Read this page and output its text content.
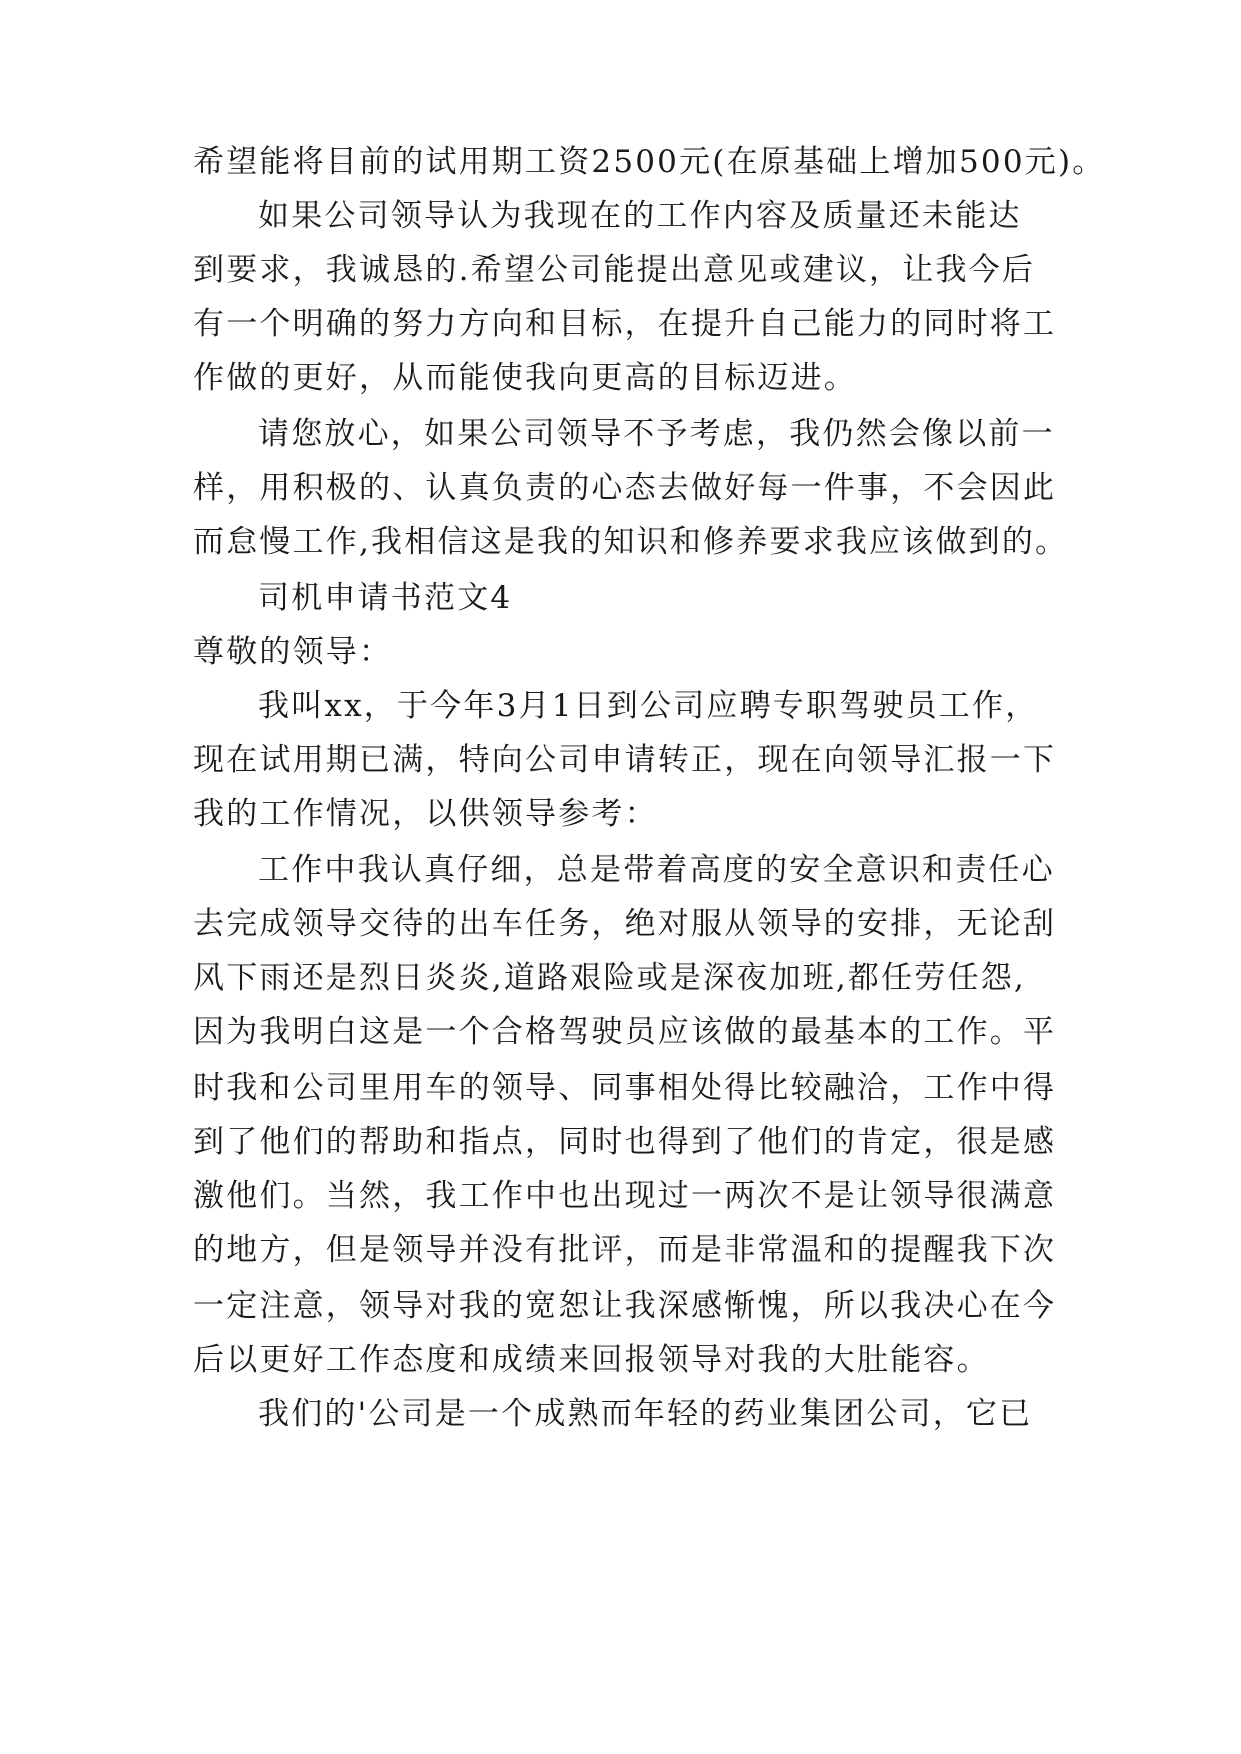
希望能将目前的试用期工资2500元(在原基础上增加500元)。
如果公司领导认为我现在的工作内容及质量还未能达
到要求，我诚恳的.希望公司能提出意见或建议，让我今后
有一个明确的努力方向和目标，在提升自己能力的同时将工
作做的更好，从而能使我向更高的目标迈进。
请您放心，如果公司领导不予考虑，我仍然会像以前一
样，用积极的、认真负责的心态去做好每一件事，不会因此
而怠慢工作,我相信这是我的知识和修养要求我应该做到的。
司机申请书范文4
尊敬的领导：
我叫xx，于今年3月1日到公司应聘专职驾驶员工作，
现在试用期已满，特向公司申请转正，现在向领导汇报一下
我的工作情况，以供领导参考：
工作中我认真仔细，总是带着高度的安全意识和责任心
去完成领导交待的出车任务，绝对服从领导的安排，无论刮
风下雨还是烈日炎炎,道路艰险或是深夜加班,都任劳任怨,
因为我明白这是一个合格驾驶员应该做的最基本的工作。平
时我和公司里用车的领导、同事相处得比较融洽，工作中得
到了他们的帮助和指点，同时也得到了他们的肯定，很是感
激他们。当然，我工作中也出现过一两次不是让领导很满意
的地方，但是领导并没有批评，而是非常温和的提醒我下次
一定注意，领导对我的宽恕让我深感惭愧，所以我决心在今
后以更好工作态度和成绩来回报领导对我的大肚能容。
我们的'公司是一个成熟而年轻的药业集团公司，它已
